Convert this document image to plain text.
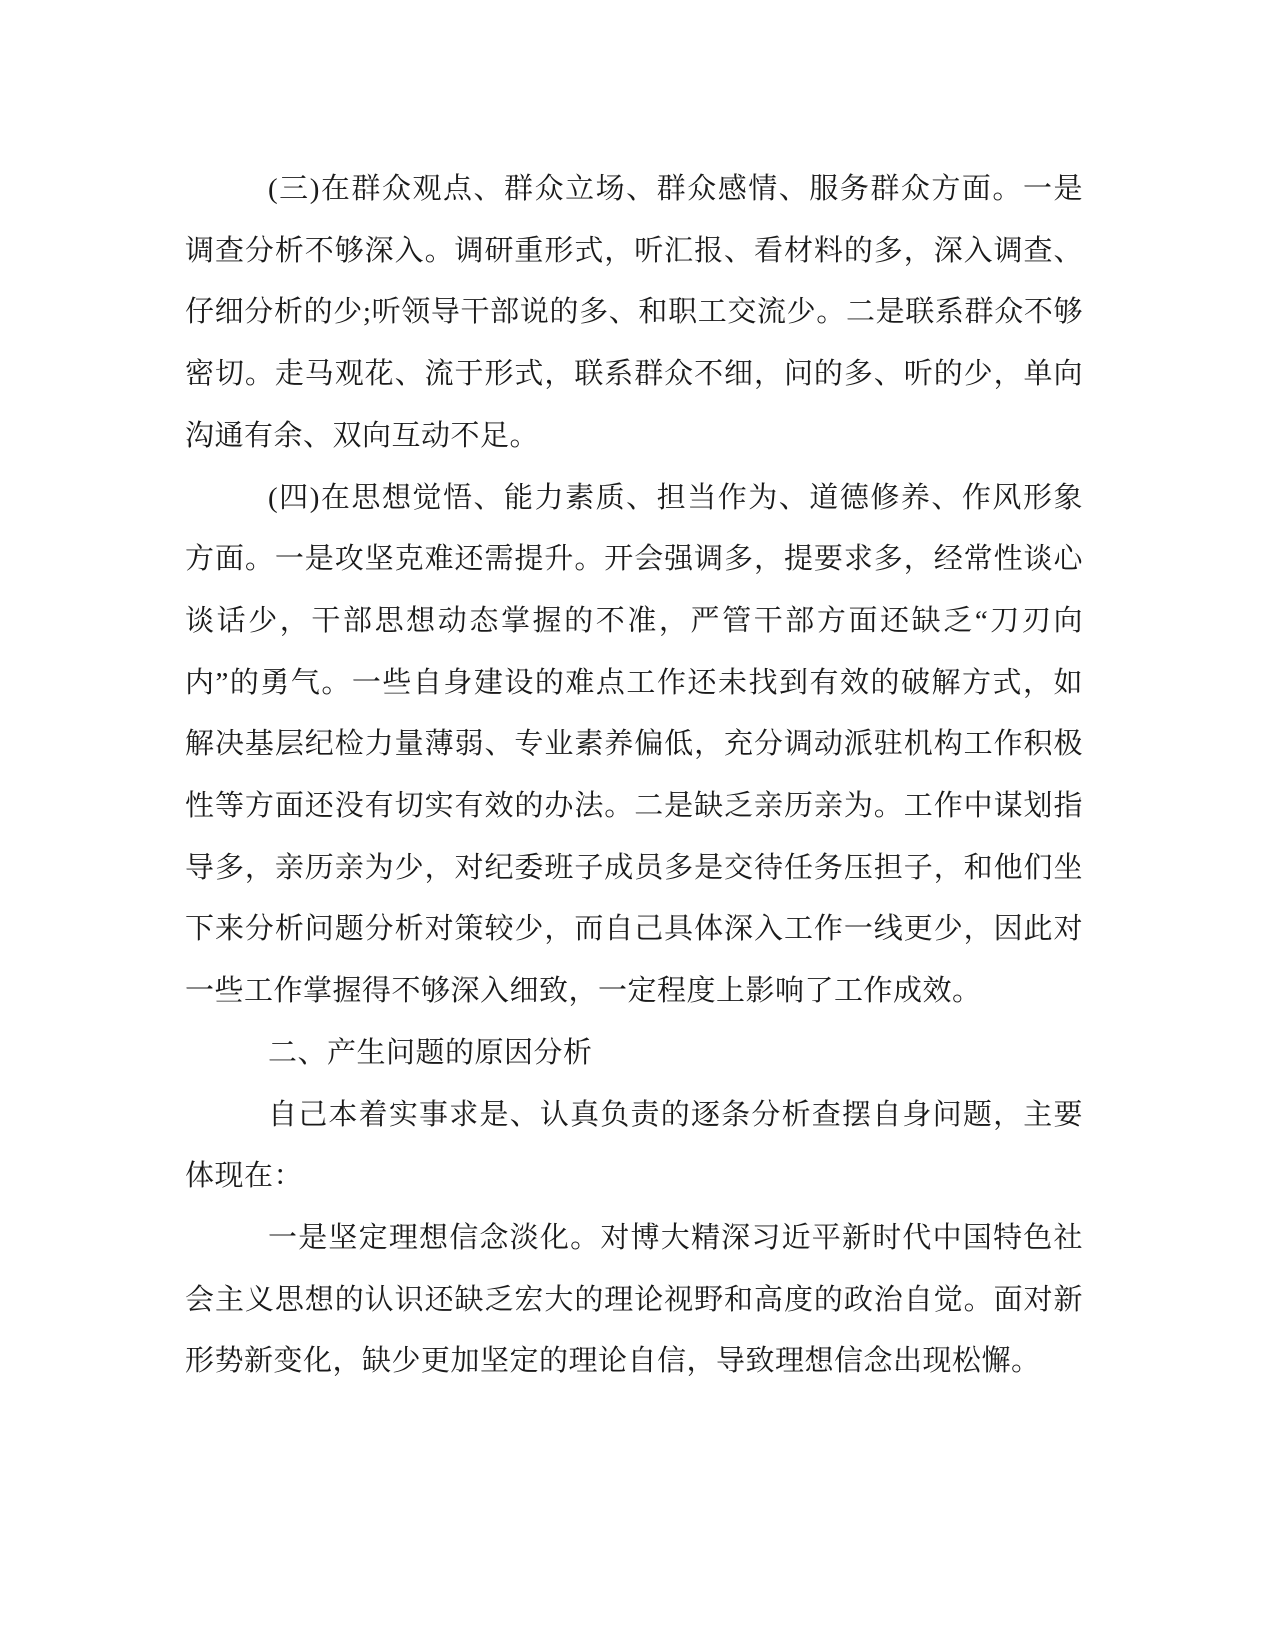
(三)在群众观点、群众立场、群众感情、服务群众方面。一是调查分析不够深入。调研重形式，听汇报、看材料的多，深入调查、仔细分析的少;听领导干部说的多、和职工交流少。二是联系群众不够密切。走马观花、流于形式，联系群众不细，问的多、听的少，单向沟通有余、双向互动不足。

(四)在思想觉悟、能力素质、担当作为、道德修养、作风形象方面。一是攻坚克难还需提升。开会强调多，提要求多，经常性谈心谈话少，干部思想动态掌握的不准，严管干部方面还缺乏“刀刃向内”的勇气。一些自身建设的难点工作还未找到有效的破解方式，如解决基层纪检力量薄弱、专业素养偏低，充分调动派驻机构工作积极性等方面还没有切实有效的办法。二是缺乏亲历亲为。工作中谋划指导多，亲历亲为少，对纪委班子成员多是交待任务压担子，和他们坐下来分析问题分析对策较少，而自己具体深入工作一线更少，因此对一些工作掌握得不够深入细致，一定程度上影响了工作成效。

二、产生问题的原因分析

自己本着实事求是、认真负责的逐条分析查摆自身问题，主要体现在：

一是坚定理想信念淡化。对博大精深习近平新时代中国特色社会主义思想的认识还缺乏宏大的理论视野和高度的政治自觉。面对新形势新变化，缺少更加坚定的理论自信，导致理想信念出现松懈。
